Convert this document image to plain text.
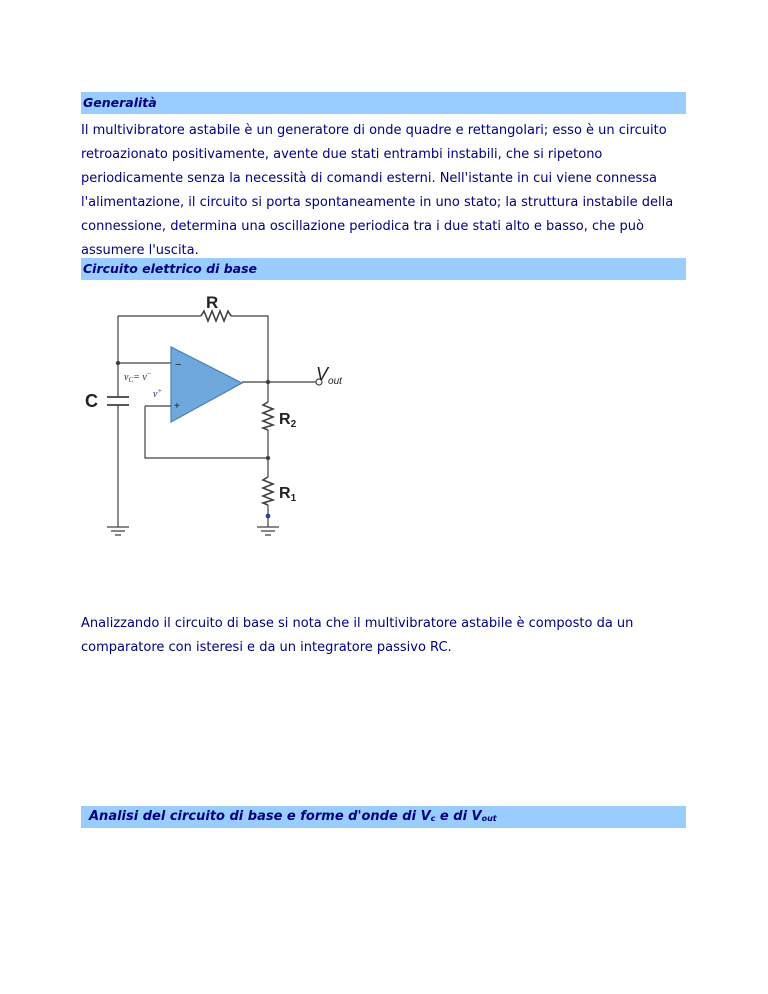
Generalità
Il multivibratore astabile è un generatore di onde quadre e rettangolari; esso è un circuito
retroazionato positivamente, avente due stati entrambi instabili, che si ripetono
periodicamente senza la necessità di comandi esterni. Nell'istante in cui viene connessa
l'alimentazione, il circuito si porta spontaneamente in uno stato; la struttura instabile della
connessione, determina una oscillazione periodica tra i due stati alto e basso, che può
assumere l'uscita.
Circuito elettrico di base
R
C
R2
R1
$V_{out}$
$v_C= v^-$
v+
−
+
Analizzando il circuito di base si nota che il multivibratore astabile è composto da un
comparatore con isteresi e da un integratore passivo RC.
Analisi del circuito di base e forme d'onde di $V_c$ e di $V_{out}$
